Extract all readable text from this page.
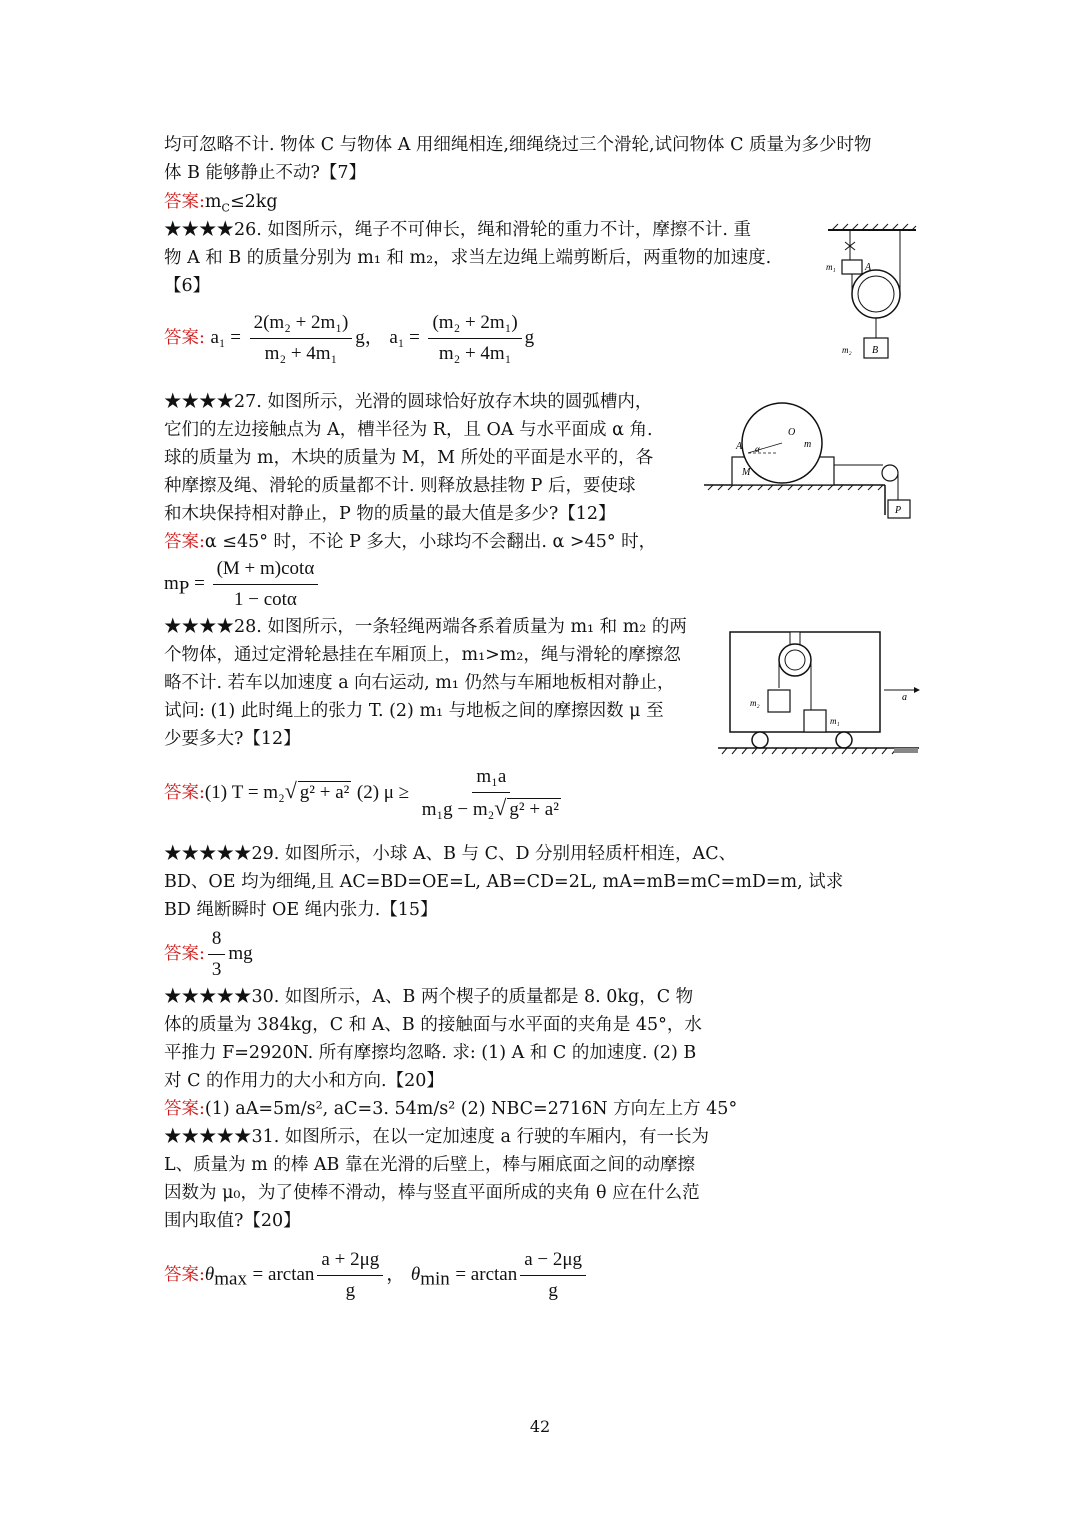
均可忽略不计. 物体 C 与物体 A 用细绳相连,细绳绕过三个滑轮,试问物体 C 质量为多少时物
体 B 能够静止不动?【7】
答案$:m_C\le 2kg$
★★★★26. 如图所示，绳子不可伸长，绳和滑轮的重力不计，摩擦不计. 重
物 A 和 B 的质量分别为 m₁ 和 m₂，求当左边绳上端剪断后，两重物的加速度.
【6】
答案: $a_1 = \frac{\text{2(m₂ + 2m₁)}}{\text{m₂ + 4m₁}}$ g， $a_1 = \frac{\text{(m₂ + 2m₁)}}{\text{m₂ + 4m₁}}$ g
★★★★27. 如图所示，光滑的圆球恰好放存木块的圆弧槽内，
它们的左边接触点为 A，槽半径为 R，且 OA 与水平面成 α 角.
球的质量为 m，木块的质量为 M，M 所处的平面是水平的，各
种摩擦及绳、滑轮的质量都不计. 则释放悬挂物 P 后，要使球
和木块保持相对静止，P 物的质量的最大值是多少?【12】
答案:α ≤45° 时，不论 P 多大，小球均不会翻出. α >45° 时，
$m_P = \frac{(M + m)\cot\alpha}{1 - \cot\alpha}$
★★★★28. 如图所示，一条轻绳两端各系着质量为 m₁ 和 m₂ 的两
个物体，通过定滑轮悬挂在车厢顶上，m₁>m₂，绳与滑轮的摩擦忽
略不计. 若车以加速度 a 向右运动, m₁ 仍然与车厢地板相对静止，
试问: (1) 此时绳上的张力 T. (2) m₁ 与地板之间的摩擦因数 μ 至
少要多大?【12】
答案:(1) T = m₂√ g² + a² (2) $\mu \ge \frac{\text{m₁a}}{\text{m₁g − m₂√ g² + a²}}$
★★★★★29. 如图所示，小球 A、B 与 C、D 分别用轻质杆相连，AC、
BD、OE 均为细绳,且 AC=BD=OE=L, AB=CD=2L, mA=mB=mC=mD=m, 试求
BD 绳断瞬时 OE 绳内张力.【15】
答案: $\frac{8}{3}$ mg
★★★★★30. 如图所示，A、B 两个楔子的质量都是 8. 0kg，C 物
体的质量为 384kg，C 和 A、B 的接触面与水平面的夹角是 45°，水
平推力 F=2920N. 所有摩擦均忽略. 求: (1) A 和 C 的加速度. (2) B
对 C 的作用力的大小和方向.【20】
答案:(1) aA=5m/s², aC=3. 54m/s² (2) NBC=2716N 方向左上方 45°
★★★★★31. 如图所示，在以一定加速度 a 行驶的车厢内，有一长为
L、质量为 m 的棒 AB 靠在光滑的后壁上，棒与厢底面之间的动摩擦
因数为 μ₀，为了使棒不滑动，棒与竖直平面所成的夹角 θ 应在什么范
围内取值?【20】
答案$:\theta_{max} = \arctan \frac{a + 2\mu g}{g}$ ， $\theta_{min} = \arctan \frac{a - 2\mu g}{g}$
m₁	A
m₂ B
A
O
α	m
M
P
m₂
m₁
a
42
